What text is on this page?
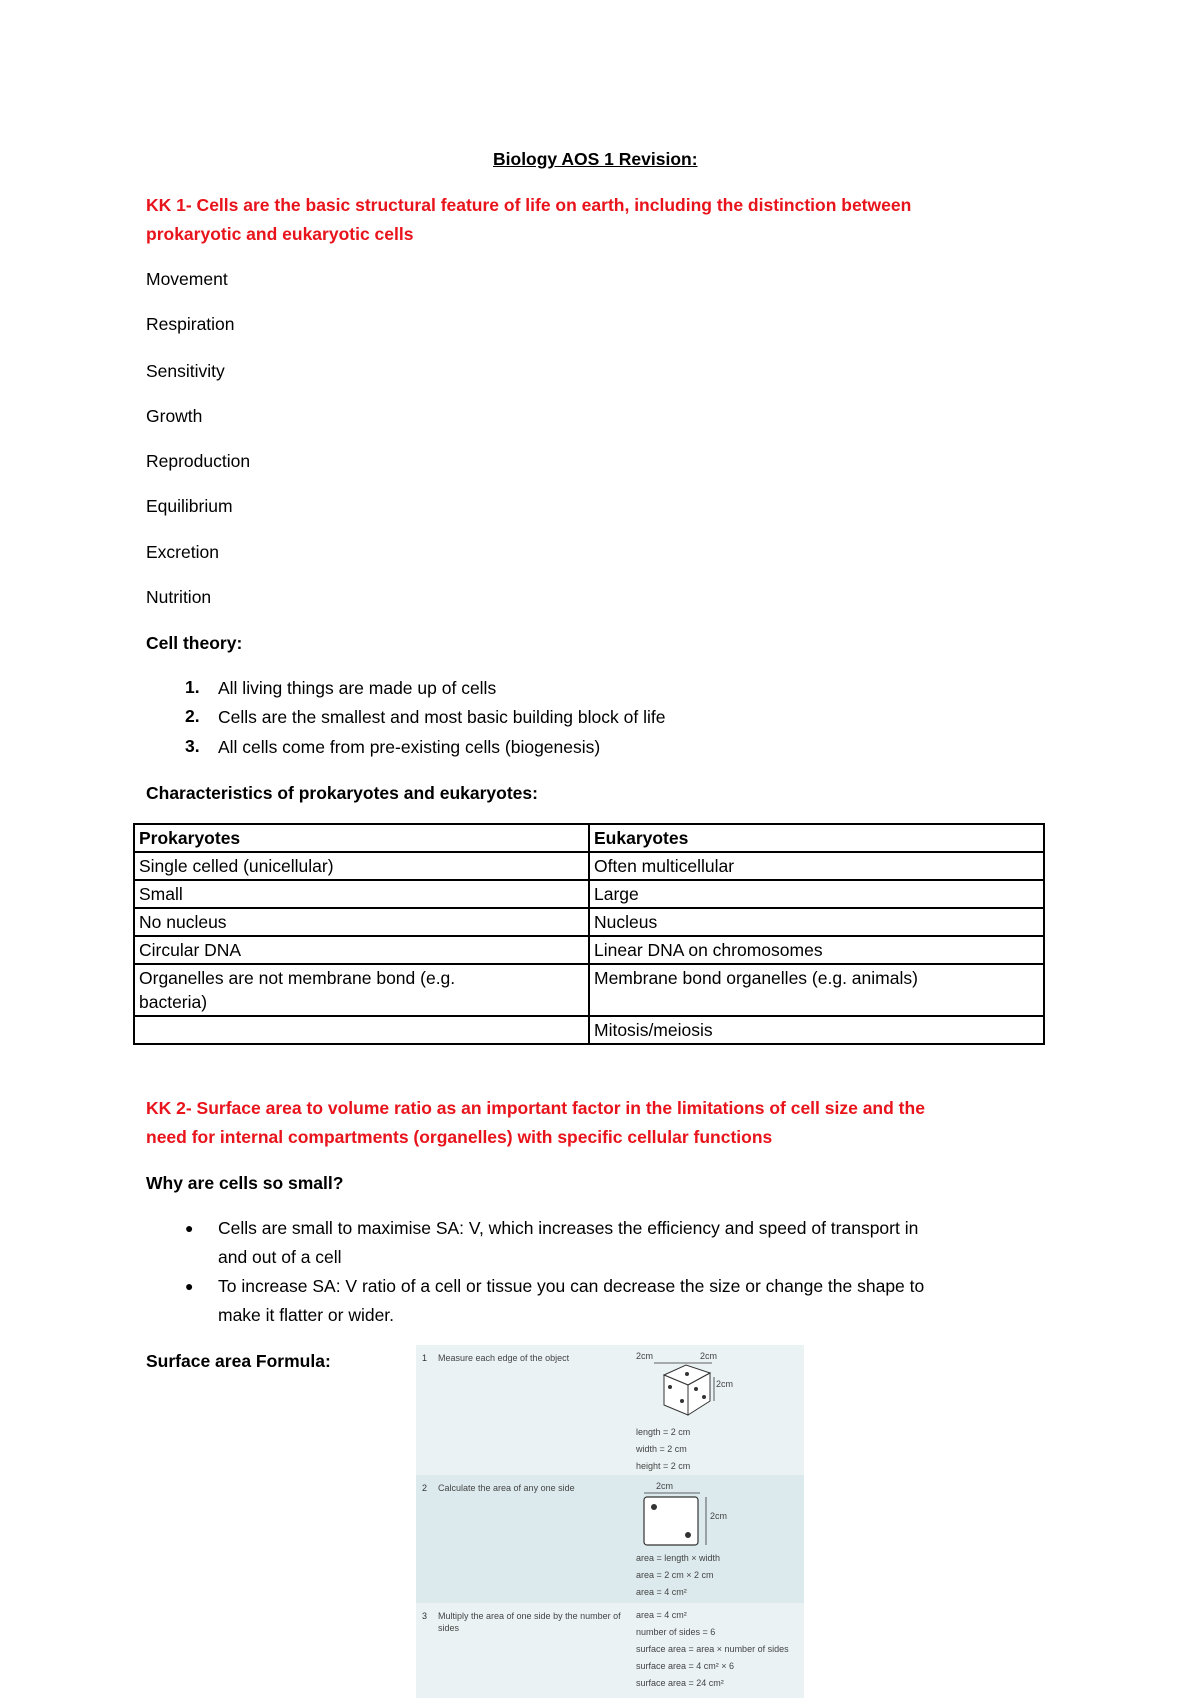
Biology AOS 1 Revision:
KK 1- Cells are the basic structural feature of life on earth, including the distinction between
prokaryotic and eukaryotic cells
Movement
Respiration
Sensitivity
Growth
Reproduction
Equilibrium
Excretion
Nutrition
Cell theory:
1. All living things are made up of cells
2. Cells are the smallest and most basic building block of life
3. All cells come from pre-existing cells (biogenesis)
Characteristics of prokaryotes and eukaryotes:
Prokaryotes	Eukaryotes
Single celled (unicellular)	Often multicellular
Small	Large
No nucleus	Nucleus
Circular DNA	Linear DNA on chromosomes
Organelles are not membrane bond (e.g. bacteria)	Membrane bond organelles (e.g. animals)
	Mitosis/meiosis
KK 2- Surface area to volume ratio as an important factor in the limitations of cell size and the
need for internal compartments (organelles) with specific cellular functions
Why are cells so small?
● Cells are small to maximise SA: V, which increases the efficiency and speed of transport in
and out of a cell
● To increase SA: V ratio of a cell or tissue you can decrease the size or change the shape to
make it flatter or wider.
Surface area Formula:	1 Measure each edge of the object	2cm	2cm
2cm
length = 2 cm
width = 2 cm
height = 2 cm
2 Calculate the area of any one side	2cm
2cm
area = length × width
area = 2 cm × 2 cm
area = 4 cm²
3 Multiply the area of one side by the number of sides
area = 4 cm²
number of sides = 6
surface area = area × number of sides
surface area = 4 cm² × 6
surface area = 24 cm²
